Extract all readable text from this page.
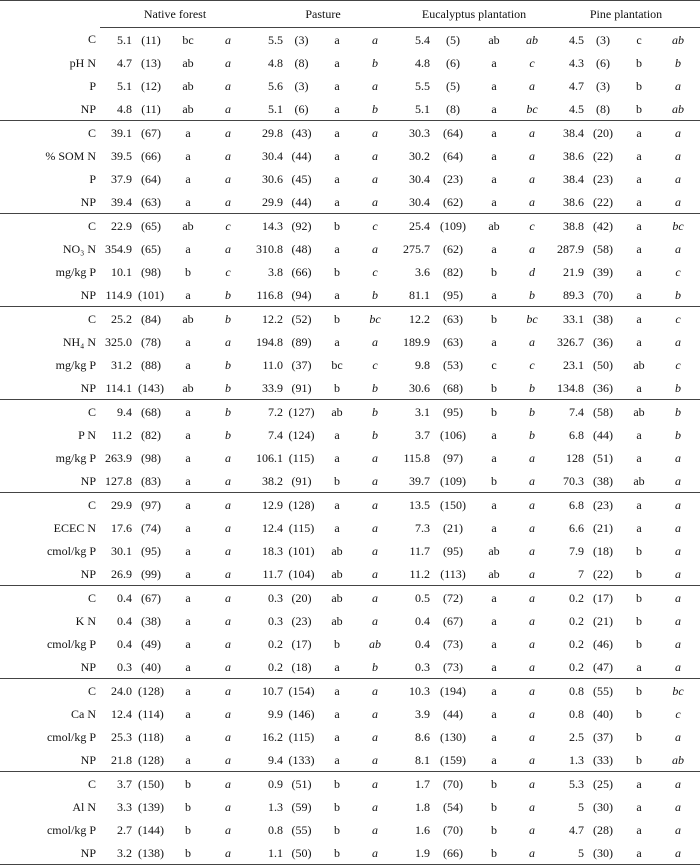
	Native forest				Pasture				Eucalyptus plantation				Pine plantation			
C	5.1	(11)	bc	a	5.5	(3)	a	a	5.4	(5)	ab	ab	4.5	(3)	c	ab
pH N	4.7	(13)	ab	a	4.8	(8)	a	b	4.8	(6)	a	c	4.3	(6)	b	b
P	5.1	(12)	ab	a	5.6	(3)	a	a	5.5	(5)	a	a	4.7	(3)	b	a
NP	4.8	(11)	ab	a	5.1	(6)	a	b	5.1	(8)	a	bc	4.5	(8)	b	ab
C	39.1	(67)	a	a	29.8	(43)	a	a	30.3	(64)	a	a	38.4	(20)	a	a
% SOM N	39.5	(66)	a	a	30.4	(44)	a	a	30.2	(64)	a	a	38.6	(22)	a	a
P	37.9	(64)	a	a	30.6	(45)	a	a	30.4	(23)	a	a	38.4	(23)	a	a
NP	39.4	(63)	a	a	29.9	(44)	a	a	30.4	(62)	a	a	38.6	(22)	a	a
C	22.9	(65)	ab	c	14.3	(92)	b	c	25.4	(109)	ab	c	38.8	(42)	a	bc
NO₃ N	354.9	(65)	a	a	310.8	(48)	a	a	275.7	(62)	a	a	287.9	(58)	a	a
mg/kg P	10.1	(98)	b	c	3.8	(66)	b	c	3.6	(82)	b	d	21.9	(39)	a	c
NP	114.9	(101)	a	b	116.8	(94)	a	b	81.1	(95)	a	b	89.3	(70)	a	b
C	25.2	(84)	ab	b	12.2	(52)	b	bc	12.2	(63)	b	bc	33.1	(38)	a	c
NH₄ N	325.0	(78)	a	a	194.8	(89)	a	a	189.9	(63)	a	a	326.7	(36)	a	a
mg/kg P	31.2	(88)	a	b	11.0	(37)	bc	c	9.8	(53)	c	c	23.1	(50)	ab	c
NP	114.1	(143)	ab	b	33.9	(91)	b	b	30.6	(68)	b	b	134.8	(36)	a	b
C	9.4	(68)	a	b	7.2	(127)	ab	b	3.1	(95)	b	b	7.4	(58)	ab	b
P N	11.2	(82)	a	b	7.4	(124)	a	b	3.7	(106)	a	b	6.8	(44)	a	b
mg/kg P	263.9	(98)	a	a	106.1	(115)	a	a	115.8	(97)	a	a	128	(51)	a	a
NP	127.8	(83)	a	a	38.2	(91)	b	a	39.7	(109)	b	a	70.3	(38)	ab	a
C	29.9	(97)	a	a	12.9	(128)	a	a	13.5	(150)	a	a	6.8	(23)	a	a
ECEC N	17.6	(74)	a	a	12.4	(115)	a	a	7.3	(21)	a	a	6.6	(21)	a	a
cmol/kg P	30.1	(95)	a	a	18.3	(101)	ab	a	11.7	(95)	ab	a	7.9	(18)	b	a
NP	26.9	(99)	a	a	11.7	(104)	ab	a	11.2	(113)	ab	a	7	(22)	b	a
C	0.4	(67)	a	a	0.3	(20)	ab	a	0.5	(72)	a	a	0.2	(17)	b	a
K N	0.4	(38)	a	a	0.3	(23)	ab	a	0.4	(67)	a	a	0.2	(21)	b	a
cmol/kg P	0.4	(49)	a	a	0.2	(17)	b	ab	0.4	(73)	a	a	0.2	(46)	b	a
NP	0.3	(40)	a	a	0.2	(18)	a	b	0.3	(73)	a	a	0.2	(47)	a	a
C	24.0	(128)	a	a	10.7	(154)	a	a	10.3	(194)	a	a	0.8	(55)	b	bc
Ca N	12.4	(114)	a	a	9.9	(146)	a	a	3.9	(44)	a	a	0.8	(40)	b	c
cmol/kg P	25.3	(118)	a	a	16.2	(115)	a	a	8.6	(130)	a	a	2.5	(37)	b	a
NP	21.8	(128)	a	a	9.4	(133)	a	a	8.1	(159)	a	a	1.3	(33)	b	ab
C	3.7	(150)	b	a	0.9	(51)	b	a	1.7	(70)	b	a	5.3	(25)	a	a
Al N	3.3	(139)	b	a	1.3	(59)	b	a	1.8	(54)	b	a	5	(30)	a	a
cmol/kg P	2.7	(144)	b	a	0.8	(55)	b	a	1.6	(70)	b	a	4.7	(28)	a	a
NP	3.2	(138)	b	a	1.1	(50)	b	a	1.9	(66)	b	a	5	(30)	a	a
